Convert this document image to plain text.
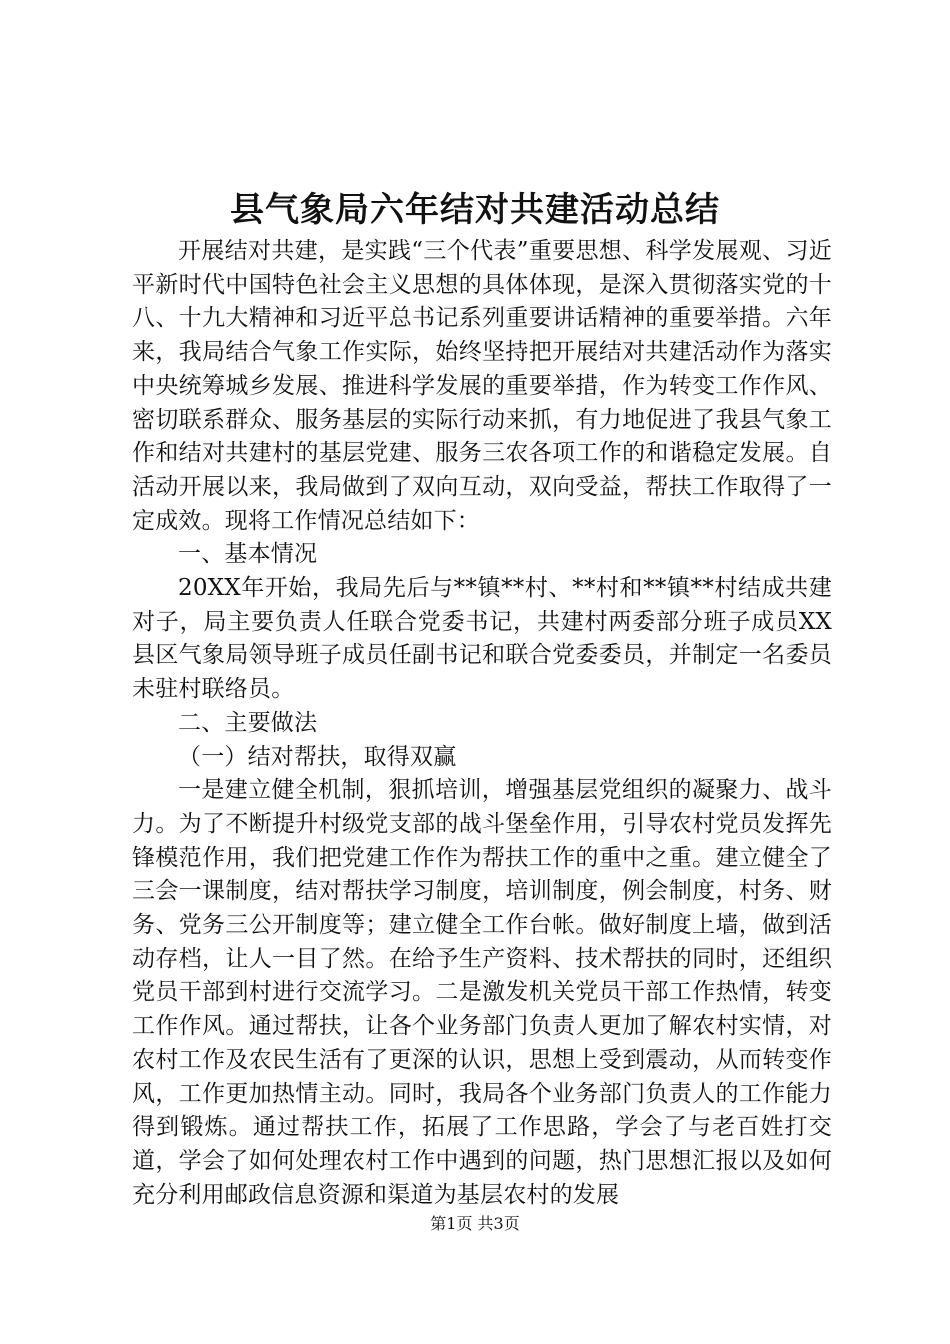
县气象局六年结对共建活动总结

开展结对共建，是实践“三个代表”重要思想、科学发展观、习近平新时代中国特色社会主义思想的具体体现，是深入贯彻落实党的十八、十九大精神和习近平总书记系列重要讲话精神的重要举措。六年来，我局结合气象工作实际，始终坚持把开展结对共建活动作为落实中央统筹城乡发展、推进科学发展的重要举措，作为转变工作作风、密切联系群众、服务基层的实际行动来抓，有力地促进了我县气象工作和结对共建村的基层党建、服务三农各项工作的和谐稳定发展。自活动开展以来，我局做到了双向互动，双向受益，帮扶工作取得了一定成效。现将工作情况总结如下：

一、基本情况

20XX年开始，我局先后与**镇**村、**村和**镇**村结成共建对子，局主要负责人任联合党委书记，共建村两委部分班子成员XX县区气象局领导班子成员任副书记和联合党委委员，并制定一名委员未驻村联络员。

二、主要做法

（一）结对帮扶，取得双赢

一是建立健全机制，狠抓培训，增强基层党组织的凝聚力、战斗力。为了不断提升村级党支部的战斗堡垒作用，引导农村党员发挥先锋模范作用，我们把党建工作作为帮扶工作的重中之重。建立健全了三会一课制度，结对帮扶学习制度，培训制度，例会制度，村务、财务、党务三公开制度等；建立健全工作台帐。做好制度上墙，做到活动存档，让人一目了然。在给予生产资料、技术帮扶的同时，还组织党员干部到村进行交流学习。二是激发机关党员干部工作热情，转变工作作风。通过帮扶，让各个业务部门负责人更加了解农村实情，对农村工作及农民生活有了更深的认识，思想上受到震动，从而转变作风，工作更加热情主动。同时，我局各个业务部门负责人的工作能力得到锻炼。通过帮扶工作，拓展了工作思路，学会了与老百姓打交道，学会了如何处理农村工作中遇到的问题，热门思想汇报以及如何充分利用邮政信息资源和渠道为基层农村的发展

第1页 共3页
